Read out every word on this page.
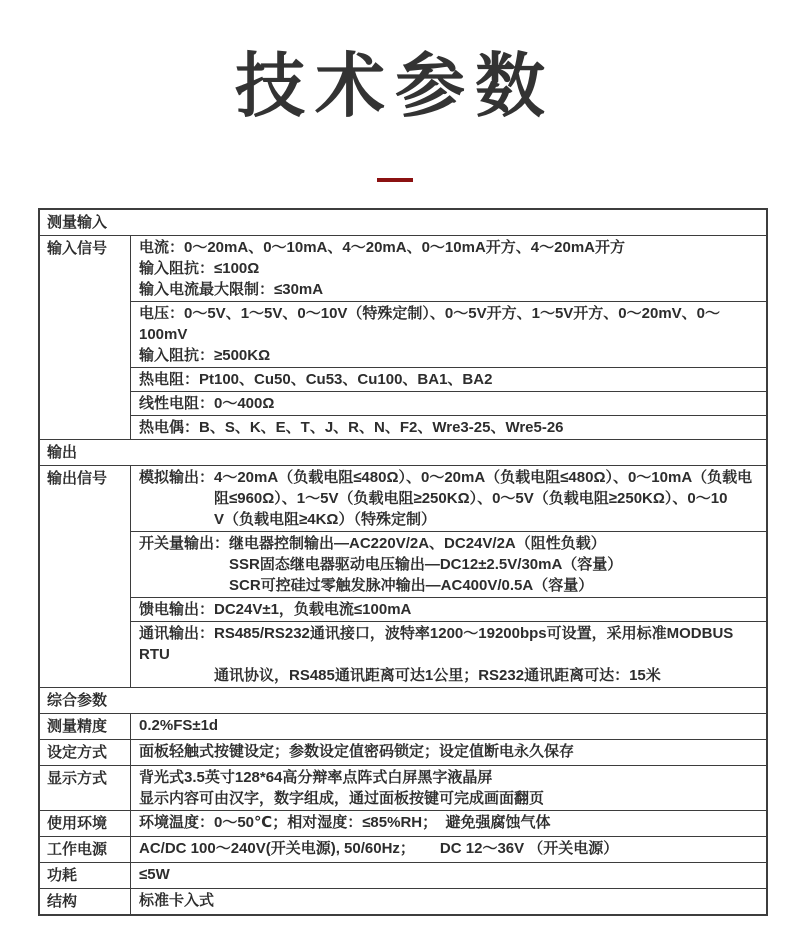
技术参数
测量输入
输入信号	电流：0～20mA、0～10mA、4～20mA、0～10mA开方、4～20mA开方
输入阻抗：≤100Ω
输入电流最大限制：≤30mA
电压：0～5V、1～5V、0～10V（特殊定制）、0～5V开方、1～5V开方、0～20mV、0～100mV
输入阻抗：≥500KΩ
热电阻：Pt100、Cu50、Cu53、Cu100、BA1、BA2
线性电阻：0～400Ω
热电偶：B、S、K、E、T、J、R、N、F2、Wre3-25、Wre5-26
输出
输出信号	模拟输出：4～20mA（负载电阻≤480Ω）、0～20mA（负载电阻≤480Ω）、0～10mA（负载电
阻≤960Ω）、1～5V（负载电阻≥250KΩ）、0～5V（负载电阻≥250KΩ）、0～10
V（负载电阻≥4KΩ）（特殊定制）
开关量输出：继电器控制输出—AC220V/2A、DC24V/2A（阻性负载）
SSR固态继电器驱动电压输出—DC12±2.5V/30mA（容量）
SCR可控硅过零触发脉冲输出—AC400V/0.5A（容量）
馈电输出：DC24V±1，负载电流≤100mA
通讯输出：RS485/RS232通讯接口，波特率1200～19200bps可设置，采用标准MODBUS RTU
通讯协议，RS485通讯距离可达1公里；RS232通讯距离可达：15米
综合参数
测量精度	0.2%FS±1d
设定方式	面板轻触式按键设定；参数设定值密码锁定；设定值断电永久保存
显示方式	背光式3.5英寸128*64高分辩率点阵式白屏黑字液晶屏
显示内容可由汉字，数字组成，通过面板按键可完成画面翻页
使用环境	环境温度：0～50℃；相对湿度：≤85%RH；  避免强腐蚀气体
工作电源	AC/DC 100～240V(开关电源), 50/60Hz；      DC 12～36V （开关电源）
功耗	≤5W
结构	标准卡入式
